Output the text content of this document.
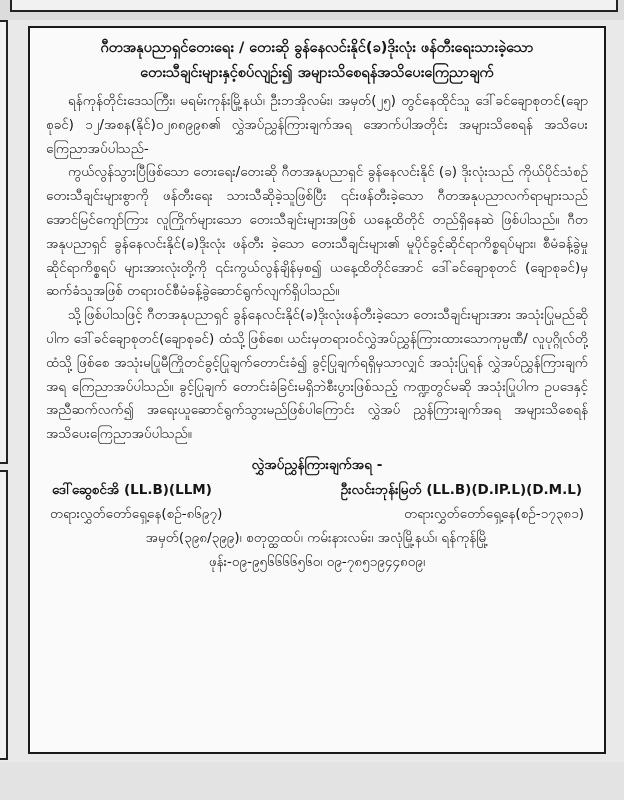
ဂီတအနုပညာရှင်တေးရေး / တေးဆို ခွန်နေလင်းနိုင်(ခ)ဒိုးလုံး ဖန်တီးရေးသားခဲ့သော
တေးသီချင်းများနှင့်စပ်လျဉ်း၍ အများသိစေရန်အသိပေးကြေညာချက်

ရန်ကုန်တိုင်းဒေသကြီး၊ မရမ်းကုန်းမြို့နယ်၊ ဦးဘအိုလမ်း၊ အမှတ်(၂၅) တွင်နေထိုင်သူ ဒေါ်ခင်ချောစုတင်(ချောစုခင်) ၁၂/အစန(နိုင်)၀၂၈၈၉၉၈၏ လွှဲအပ်ညွှန်ကြားချက်အရ အောက်ပါအတိုင်း အများသိစေရန် အသိပေး ကြေညာအပ်ပါသည်-

ကွယ်လွန်သွားပြီဖြစ်သော တေးရေး/တေးဆို ဂီတအနုပညာရှင် ခွန်နေလင်းနိုင် (ခ) ဒိုးလုံးသည် ကိုယ်ပိုင်သံစဉ်တေးသီချင်းများစွာကို ဖန်တီးရေး သားသီဆိုခဲ့သူဖြစ်ပြီး ၎င်းဖန်တီးခဲ့သော ဂီတအနုပညာလက်ရာများသည် အောင်မြင်ကျော်ကြား လူကြိုက်များသော တေးသီချင်းများအဖြစ် ယနေ့ထိတိုင် တည်ရှိနေဆဲ ဖြစ်ပါသည်။ ဂီတအနုပညာရှင် ခွန်နေလင်းနိုင်(ခ)ဒိုးလုံး ဖန်တီး ခဲ့သော တေးသီချင်းများ၏ မူပိုင်ခွင့်ဆိုင်ရာကိစ္စရပ်များ၊ စီမံခန့်ခွဲမှုဆိုင်ရာကိစ္စရပ် များအားလုံးတို့ကို ၎င်းကွယ်လွန်ချိန်မှစ၍ ယနေ့ထိတိုင်အောင် ဒေါ်ခင်ချောစုတင် (ချောစုခင်)မှ ဆက်ခံသူအဖြစ် တရားဝင်စီမံခန့်ခွဲဆောင်ရွက်လျက်ရှိပါသည်။

သို့ဖြစ်ပါသဖြင့် ဂီတအနုပညာရှင် ခွန်နေလင်းနိုင်(ခ)ဒိုးလုံးဖန်တီးခဲ့သော တေးသီချင်းများအား အသုံးပြုမည်ဆိုပါက ဒေါ်ခင်ချောစုတင်(ချောစုခင်) ထံသို့ဖြစ်စေ၊ ယင်းမှတရားဝင်လွှဲအပ်ညွှန်ကြားထားသောကုမ္ပဏီ/ လူပုဂ္ဂိုလ်တို့ထံသို့ ဖြစ်စေ အသုံးမပြုမီကြိုတင်ခွင့်ပြုချက်တောင်းခံ၍ ခွင့်ပြုချက်ရရှိမှသာလျှင် အသုံးပြုရန် လွှဲအပ်ညွှန်ကြားချက်အရ ကြေညာအပ်ပါသည်။ ခွင့်ပြုချက် တောင်းခံခြင်းမရှိဘဲစီးပွားဖြစ်သည့် ကဏ္ဍတွင်မဆို အသုံးပြုပါက ဥပဒေနှင့် အညီဆက်လက်၍ အရေးယူဆောင်ရွက်သွားမည်ဖြစ်ပါကြောင်း လွှဲအပ် ညွှန်ကြားချက်အရ အများသိစေရန် အသိပေးကြေညာအပ်ပါသည်။

လွှဲအပ်ညွှန်ကြားချက်အရ -
ဒေါ်ဆွေစင်အိ (LL.B)(LLM)	ဦးလင်းဘုန်းမြတ် (LL.B)(D.IP.L)(D.M.L)
တရားလွှတ်တော်ရှေ့နေ(စဉ်-၈၆၉၇)	တရားလွှတ်တော်ရှေ့နေ(စဉ်-၁၇၃၈၁)
အမှတ်(၃၉၈/၃၉၉)၊ စတုတ္ထထပ်၊ ကမ်းနားလမ်း၊ အလုံမြို့နယ်၊ ရန်ကုန်မြို့
ဖုန်း-၀၉-၉၅၆၆၆၆၅၆၀၊ ၀၉-၇၈၅၁၉၄၄၈၀၉၊
